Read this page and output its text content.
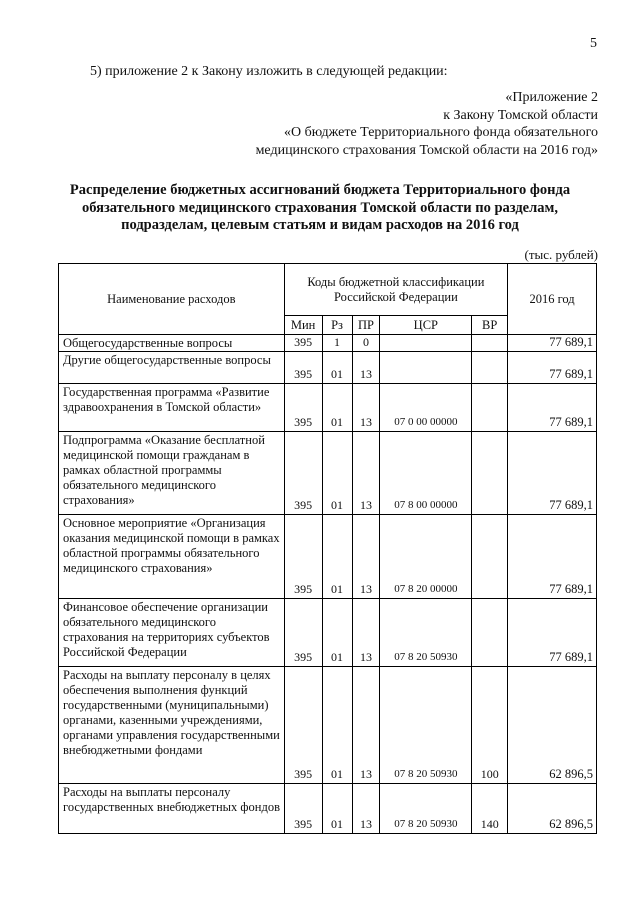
5
5) приложение 2 к Закону изложить в следующей редакции:
«Приложение 2
к Закону Томской области
«О бюджете Территориального фонда обязательного
медицинского страхования Томской области на 2016 год»
Распределение бюджетных ассигнований бюджета Территориального фонда обязательного медицинского страхования Томской области по разделам, подразделам, целевым статьям и видам расходов на 2016 год
(тыс. рублей)
Наименование расходов	Коды бюджетной классификации Российской Федерации					2016 год
	Мин	Рз	ПР	ЦСР	ВР	
Общегосударственные вопросы	395	1	0			77 689,1
Другие общегосударственные вопросы	395	01	13			77 689,1
Государственная программа «Развитие здравоохранения в Томской области»	395	01	13	07 0 00 00000		77 689,1
Подпрограмма «Оказание бесплатной медицинской помощи гражданам в рамках областной программы обязательного медицинского страхования»	395	01	13	07 8 00 00000		77 689,1
Основное мероприятие «Организация оказания медицинской помощи в рамках областной программы обязательного медицинского страхования»	395	01	13	07 8 20 00000		77 689,1
Финансовое обеспечение организации обязательного медицинского страхования на территориях субъектов Российской Федерации	395	01	13	07 8 20 50930		77 689,1
Расходы на выплату персоналу в целях обеспечения выполнения функций государственными (муниципальными) органами, казенными учреждениями, органами управления государственными внебюджетными фондами	395	01	13	07 8 20 50930	100	62 896,5
Расходы на выплаты персоналу государственных внебюджетных фондов	395	01	13	07 8 20 50930	140	62 896,5
